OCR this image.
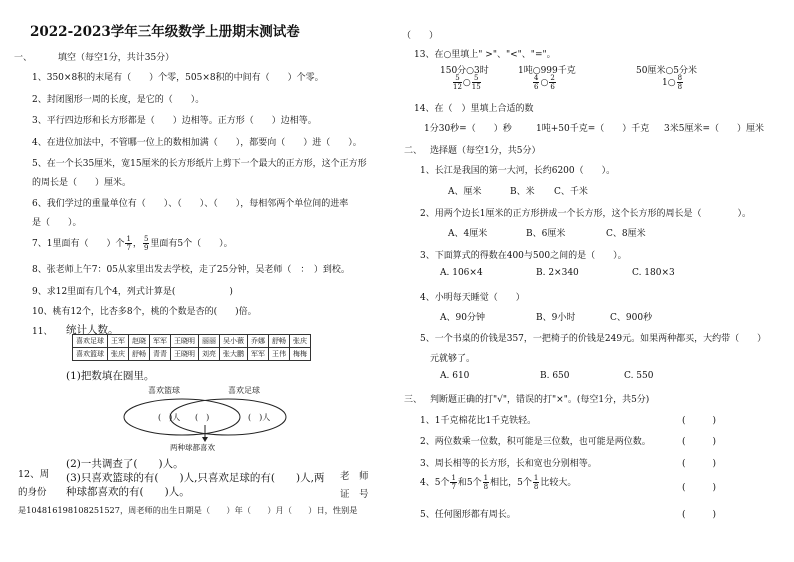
2022-2023学年三年级数学上册期末测试卷
一、	填空（每空1分，共计35分）
1、350×8积的末尾有（　　）个零，505×8积的中间有（　　）个零。
2、封闭图形一周的长度，是它的（　　）。
3、平行四边形和长方形都是（　　）边相等。正方形（　　）边相等。
4、在进位加法中，不管哪一位上的数相加满（　　），都要向（　　）进（　　）。
5、在一个长35厘米，宽15厘米的长方形纸片上剪下一个最大的正方形，这个正方形
的周长是（　　）厘米。
6、我们学过的重量单位有（　　）、（　　）、（　　），每相邻两个单位间的进率
是（　　）。
7、1里面有（　　）个 $\frac{1}{7}$ ， $\frac{5}{9}$ 里面有5个（　　）。
8、张老师上午7：05从家里出发去学校，走了25分钟，吴老师（　：　）到校。
9、求12里面有几个4，列式计算是(　　　　　　)
10、桃有12个，比杏多8个，桃的个数是杏的(　　)倍。
11、 统计人数。
喜欢足球	王军	赵晓	军军	王晓明	丽丽	吴小薇	乔娜	舒畅	张庆
喜欢篮球	张庆	舒畅	青青	王晓明	刘亮	张大鹏	军军	王伟	梅梅
(1)把数填在圈里。
喜欢篮球	喜欢足球
(　)人 (　)	(　)人
两种球都喜欢
(2)一共调查了(　　)人。
12、周 (3)只喜欢篮球的有(　　)人,只喜欢足球的有(　　)人,两 老　师
的身份 种球都喜欢的有(　　)人。	证　号
是104816198108251527，周老师的出生日期是（　　）年（　　）月（　　）日，性别是
（　　）
13、在○里填上" >"、"<"、"="。
150分○3时	1吨○999千克	50厘米○5分米
$\frac{5}{12}$ ○ $\frac{5}{15}$	$\frac{4}{6}$ ○ $\frac{2}{6}$	1○ $\frac{8}{8}$
14、在（　）里填上合适的数
1分30秒=（　　）秒	1吨+50千克=（　　）千克 3米5厘米=（　　）厘米
二、 选择题（每空1分，共5分）
1、长江是我国的第一大河，长约6200（　　）。
A、厘米	B、米 C、千米
2、用两个边长1厘米的正方形拼成一个长方形，这个长方形的周长是（　　　　）。
A、4厘米	B、6厘米	C、8厘米
3、下面算式的得数在400与500之间的是（　　）。
A. 106×4	B. 2×340	C. 180×3
4、小明每天睡觉（　　）
A、90分钟	B、9小时	C、900秒
5、一个书桌的价钱是357，一把椅子的价钱是249元。如果两种都买，大约带（　　）
元就够了。
A. 610	B. 650	C. 550
三、 判断题正确的打"√"，错误的打"×"。(每空1分，共5分)
1、1千克棉花比1千克铁轻。	(　　　)
2、两位数乘一位数，积可能是三位数，也可能是两位数。	(　　　)
3、周长相等的长方形，长和宽也分别相等。	(　　　)
4、5个 $\frac{1}{7}$ 和5个 $\frac{1}{8}$ 相比，5个 $\frac{1}{8}$ 比较大。	(　　　)
5、任何图形都有周长。	(　　　)
